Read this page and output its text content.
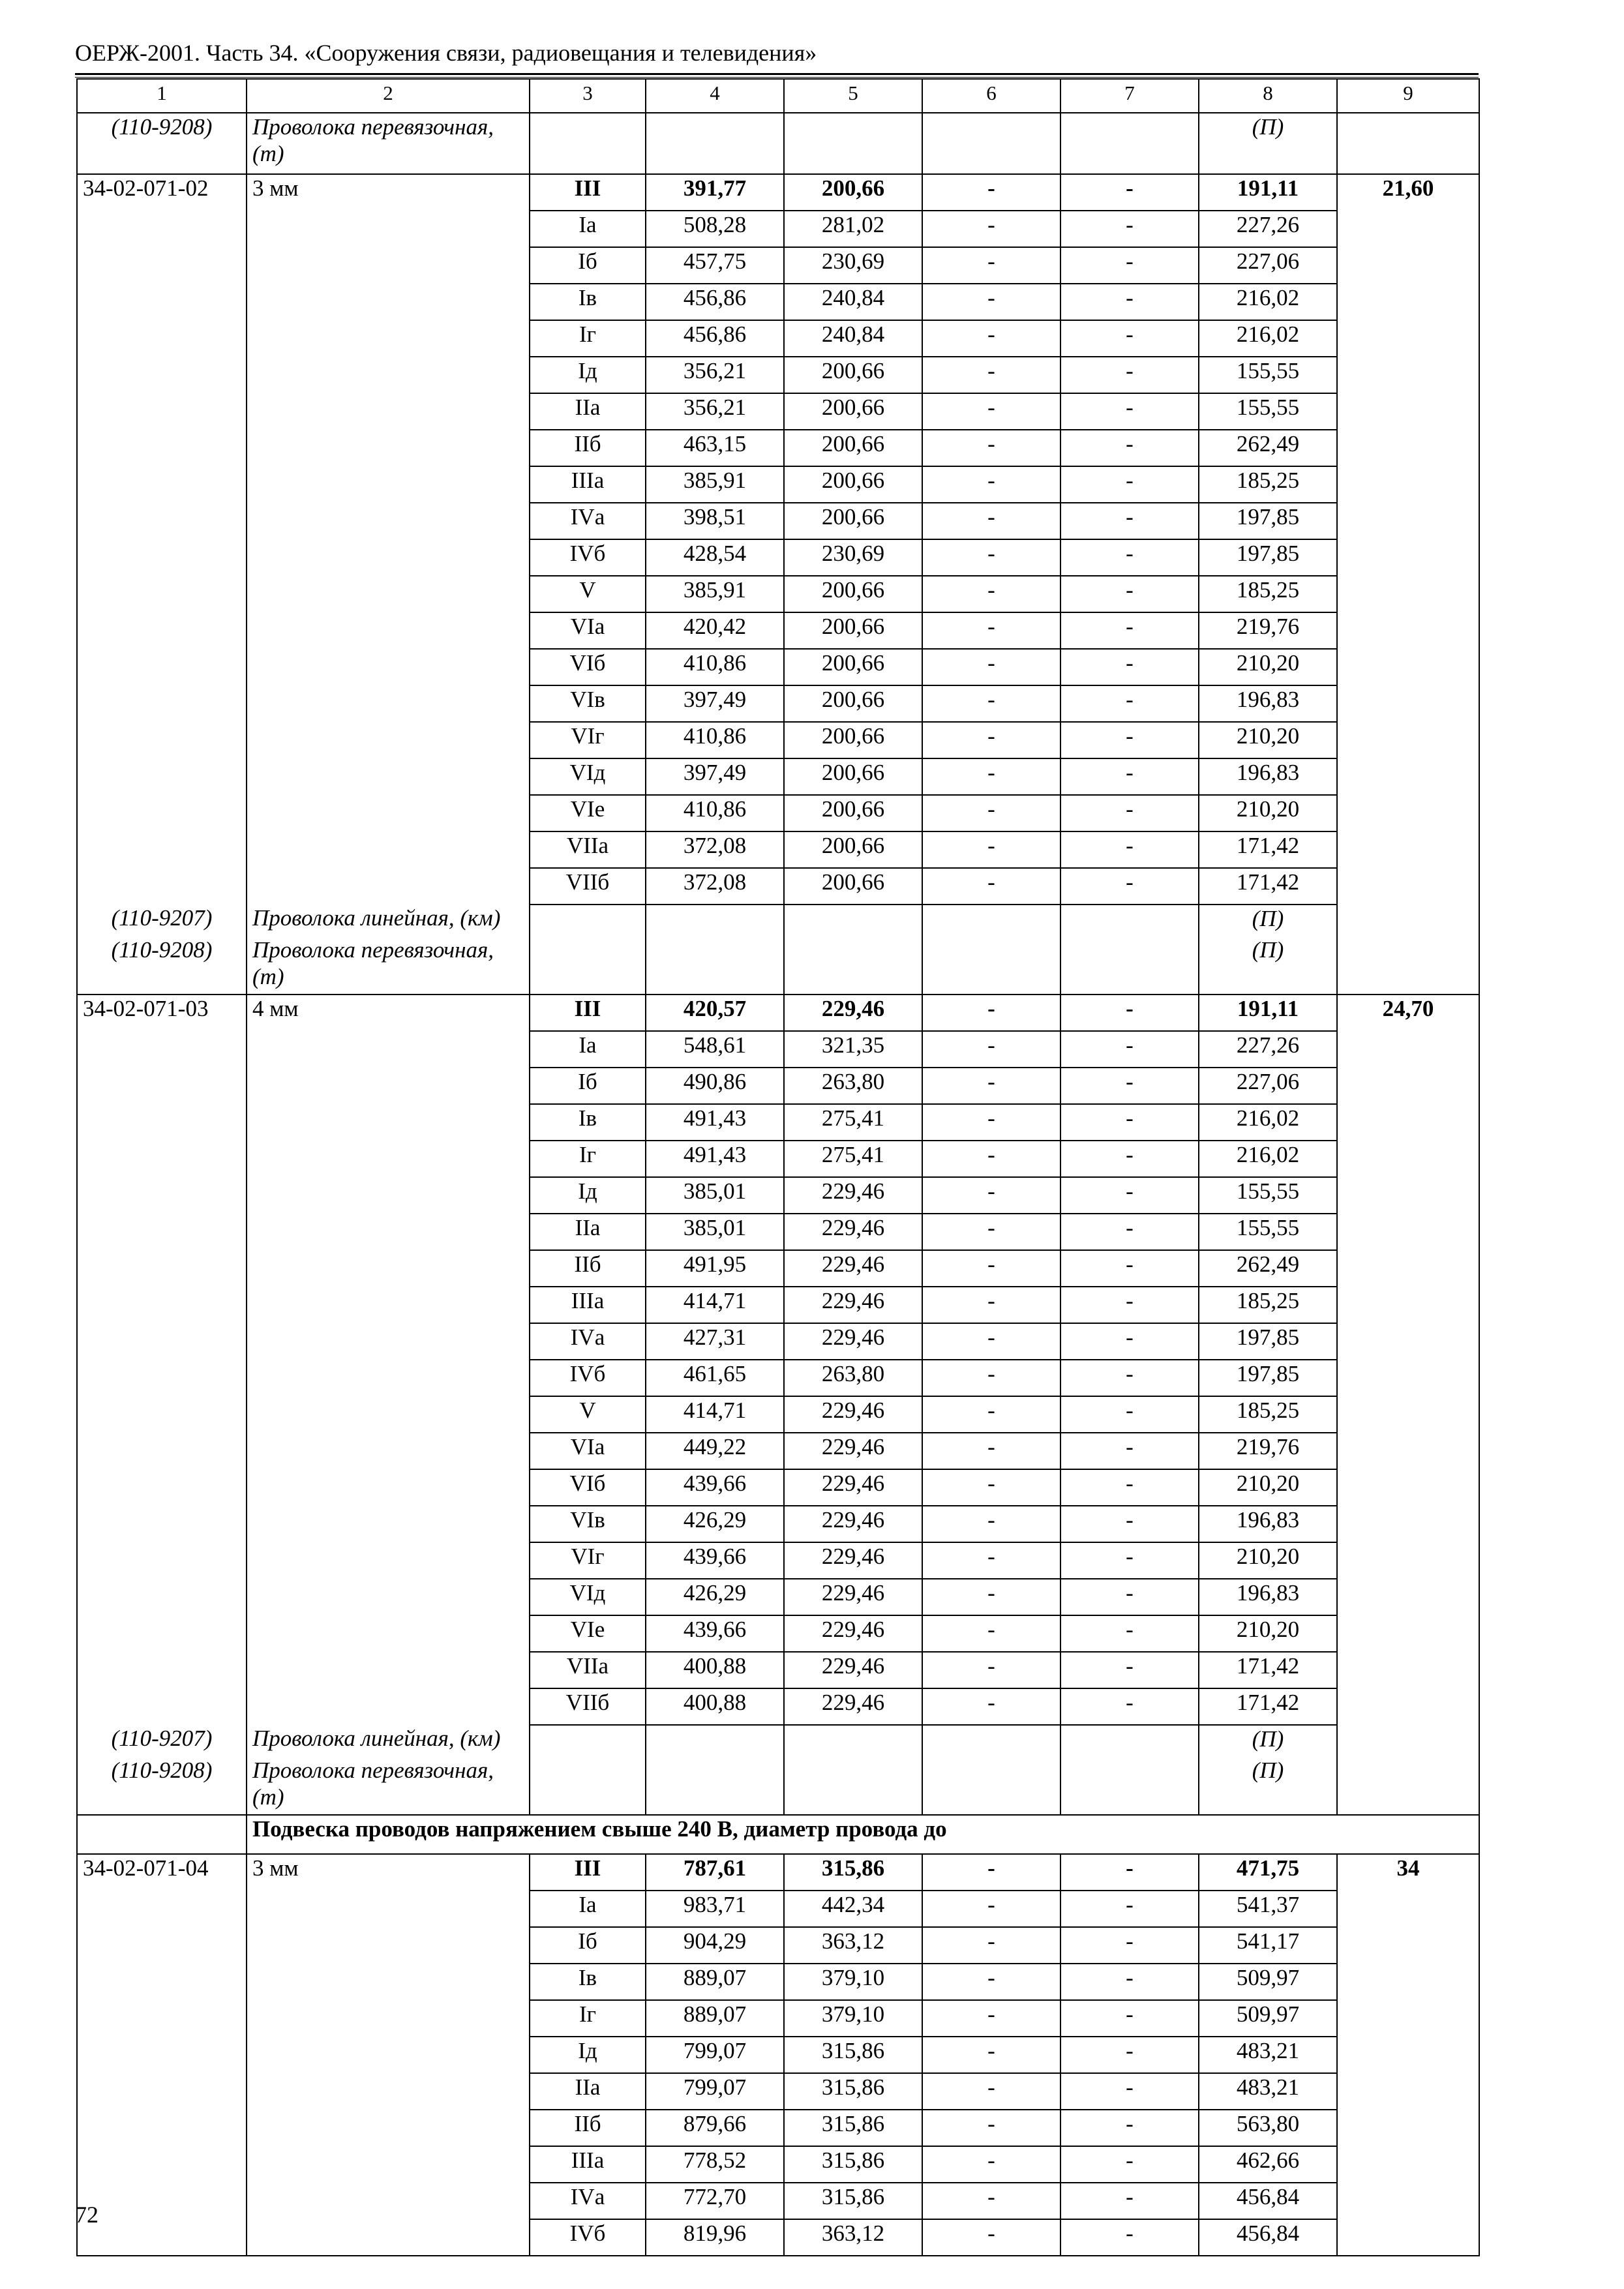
ОЕРЖ-2001. Часть 34. «Сооружения связи, радиовещания и телевидения»
1	2	3	4	5	6	7	8	9
(110-9208)	Проволока перевязочная, (т)						(П)	
34-02-071-02	3 мм	III	391,77	200,66	-	-	191,11	21,60
		Iа	508,28	281,02	-	-	227,26	
		Iб	457,75	230,69	-	-	227,06	
		Iв	456,86	240,84	-	-	216,02	
		Iг	456,86	240,84	-	-	216,02	
		Iд	356,21	200,66	-	-	155,55	
		IIа	356,21	200,66	-	-	155,55	
		IIб	463,15	200,66	-	-	262,49	
		IIIа	385,91	200,66	-	-	185,25	
		IVа	398,51	200,66	-	-	197,85	
		IVб	428,54	230,69	-	-	197,85	
		V	385,91	200,66	-	-	185,25	
		VIа	420,42	200,66	-	-	219,76	
		VIб	410,86	200,66	-	-	210,20	
		VIв	397,49	200,66	-	-	196,83	
		VIг	410,86	200,66	-	-	210,20	
		VIд	397,49	200,66	-	-	196,83	
		VIе	410,86	200,66	-	-	210,20	
		VIIа	372,08	200,66	-	-	171,42	
		VIIб	372,08	200,66	-	-	171,42	
(110-9207)	Проволока линейная, (км)						(П)	
(110-9208)	Проволока перевязочная, (т)						(П)	
34-02-071-03	4 мм	III	420,57	229,46	-	-	191,11	24,70
		Iа	548,61	321,35	-	-	227,26	
		Iб	490,86	263,80	-	-	227,06	
		Iв	491,43	275,41	-	-	216,02	
		Iг	491,43	275,41	-	-	216,02	
		Iд	385,01	229,46	-	-	155,55	
		IIа	385,01	229,46	-	-	155,55	
		IIб	491,95	229,46	-	-	262,49	
		IIIа	414,71	229,46	-	-	185,25	
		IVа	427,31	229,46	-	-	197,85	
		IVб	461,65	263,80	-	-	197,85	
		V	414,71	229,46	-	-	185,25	
		VIа	449,22	229,46	-	-	219,76	
		VIб	439,66	229,46	-	-	210,20	
		VIв	426,29	229,46	-	-	196,83	
		VIг	439,66	229,46	-	-	210,20	
		VIд	426,29	229,46	-	-	196,83	
		VIе	439,66	229,46	-	-	210,20	
		VIIа	400,88	229,46	-	-	171,42	
		VIIб	400,88	229,46	-	-	171,42	
(110-9207)	Проволока линейная, (км)						(П)	
(110-9208)	Проволока перевязочная, (т)						(П)	
	Подвеска проводов напряжением свыше 240 В, диаметр провода до							
34-02-071-04	3 мм	III	787,61	315,86	-	-	471,75	34
		Iа	983,71	442,34	-	-	541,37	
		Iб	904,29	363,12	-	-	541,17	
		Iв	889,07	379,10	-	-	509,97	
		Iг	889,07	379,10	-	-	509,97	
		Iд	799,07	315,86	-	-	483,21	
		IIа	799,07	315,86	-	-	483,21	
		IIб	879,66	315,86	-	-	563,80	
		IIIа	778,52	315,86	-	-	462,66	
		IVа	772,70	315,86	-	-	456,84	
		IVб	819,96	363,12	-	-	456,84	
72
